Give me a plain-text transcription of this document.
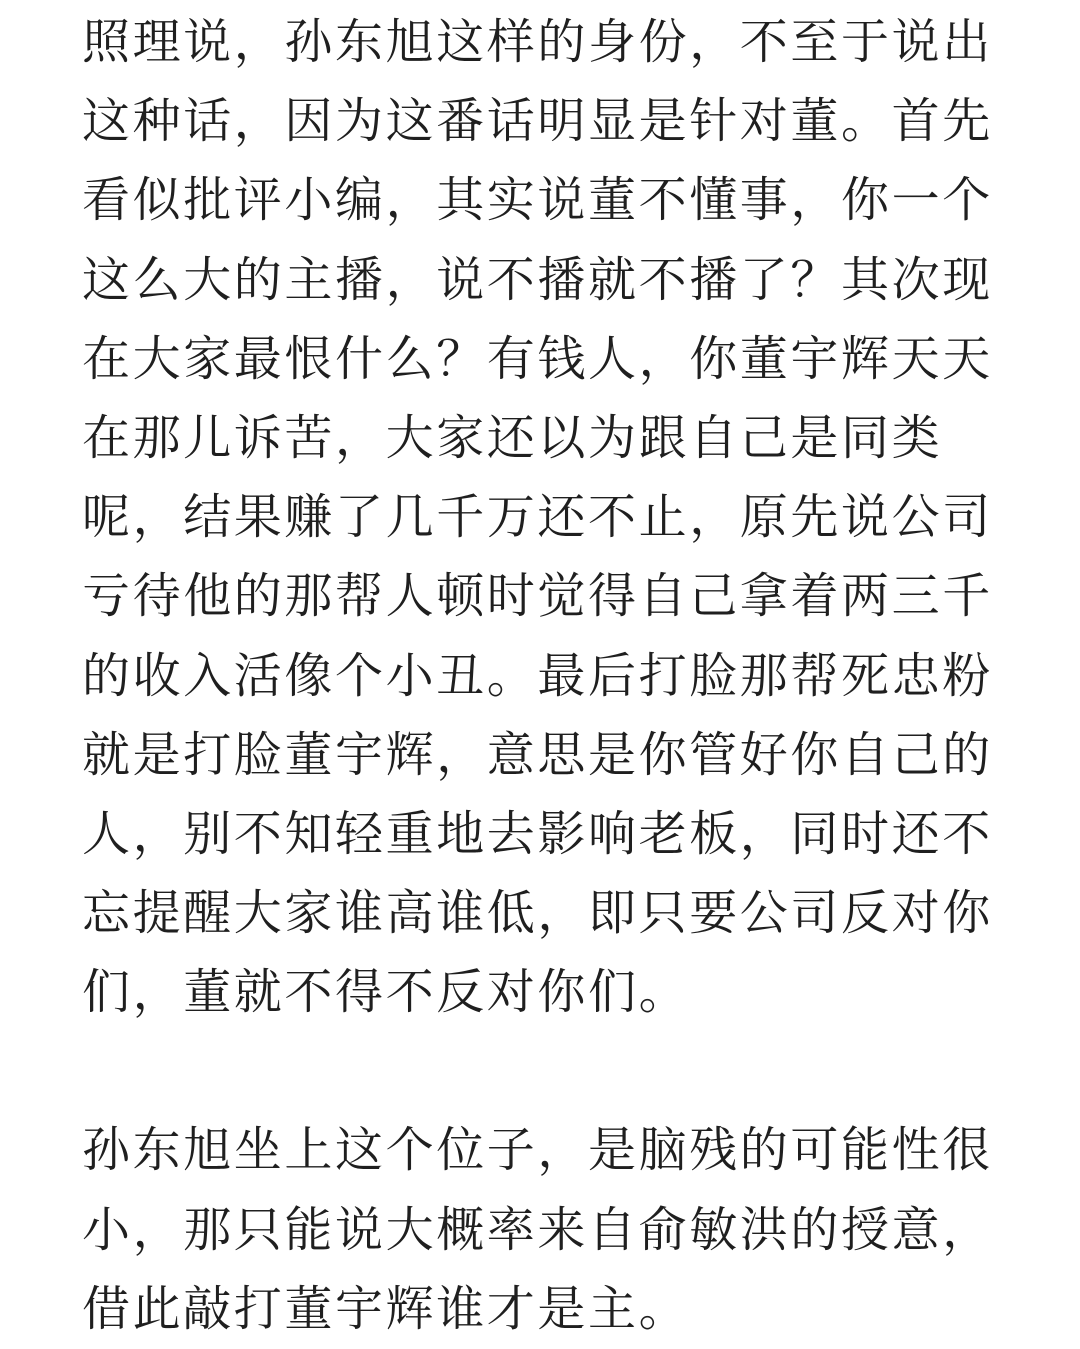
照理说，孙东旭这样的身份，不至于说出
这种话，因为这番话明显是针对董。首先
看似批评小编，其实说董不懂事，你一个
这么大的主播，说不播就不播了？其次现
在大家最恨什么？有钱人，你董宇辉天天
在那儿诉苦，大家还以为跟自己是同类
呢，结果赚了几千万还不止，原先说公司
亏待他的那帮人顿时觉得自己拿着两三千
的收入活像个小丑。最后打脸那帮死忠粉
就是打脸董宇辉，意思是你管好你自己的
人，别不知轻重地去影响老板，同时还不
忘提醒大家谁高谁低，即只要公司反对你
们，董就不得不反对你们。
孙东旭坐上这个位子，是脑残的可能性很
小，那只能说大概率来自俞敏洪的授意，
借此敲打董宇辉谁才是主。
